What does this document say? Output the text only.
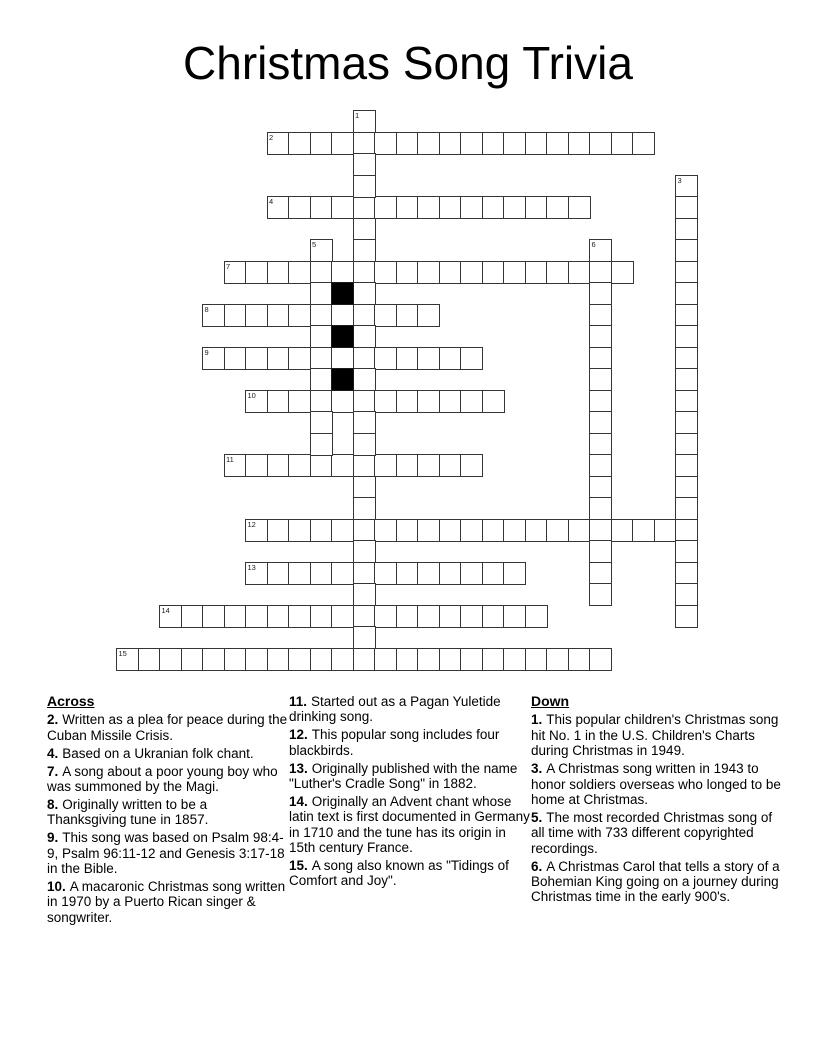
Christmas Song Trivia
2
4
7
8
9
10
11
12
13
14
15
1
3
5	6

Across

2. Written as a plea for peace during the Cuban Missile Crisis.

4. Based on a Ukranian folk chant.

7. A song about a poor young boy who was summoned by the Magi.

8. Originally written to be a Thanksgiving tune in 1857.

9. This song was based on Psalm 98:4-9, Psalm 96:11-12 and Genesis 3:17-18 in the Bible.

10. A macaronic Christmas song written in 1970 by a Puerto Rican singer & songwriter.

11. Started out as a Pagan Yuletide drinking song.

12. This popular song includes four blackbirds.

13. Originally published with the name "Luther's Cradle Song" in 1882.

14. Originally an Advent chant whose latin text is first documented in Germany in 1710 and the tune has its origin in 15th century France.

15. A song also known as "Tidings of Comfort and Joy".

Down

1. This popular children's Christmas song hit No. 1 in the U.S. Children's Charts during Christmas in 1949.

3. A Christmas song written in 1943 to honor soldiers overseas who longed to be home at Christmas.

5. The most recorded Christmas song of all time with 733 different copyrighted recordings.

6. A Christmas Carol that tells a story of a Bohemian King going on a journey during Christmas time in the early 900's.
